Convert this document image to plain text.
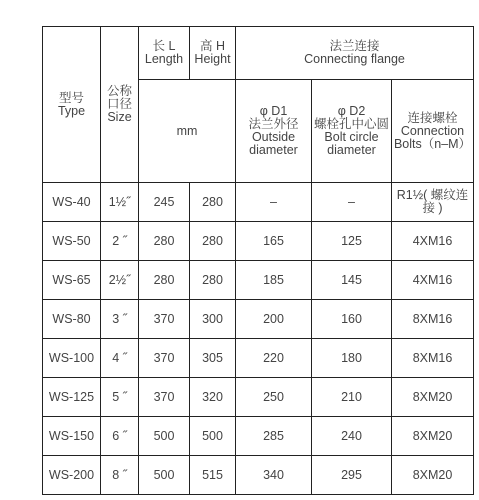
型号
Type	公称
口径
Size	长 L
Length	高 H
Height	法兰连接
Connecting flange		

		mm		φ D1
法兰外径
Outside
diameter	φ D2
螺栓孔中心圆
Bolt circle
diameter	连接螺栓
Connection
Bolts（n–M）

WS-40	1½˝	245	280	–	–	R1½( 螺纹连接 )
WS-50	2 ˝	280	280	165	125	4XM16
WS-65	2½˝	280	280	185	145	4XM16
WS-80	3 ˝	370	300	200	160	8XM16
WS-100	4 ˝	370	305	220	180	8XM16
WS-125	5 ˝	370	320	250	210	8XM20
WS-150	6 ˝	500	500	285	240	8XM20
WS-200	8 ˝	500	515	340	295	8XM20
